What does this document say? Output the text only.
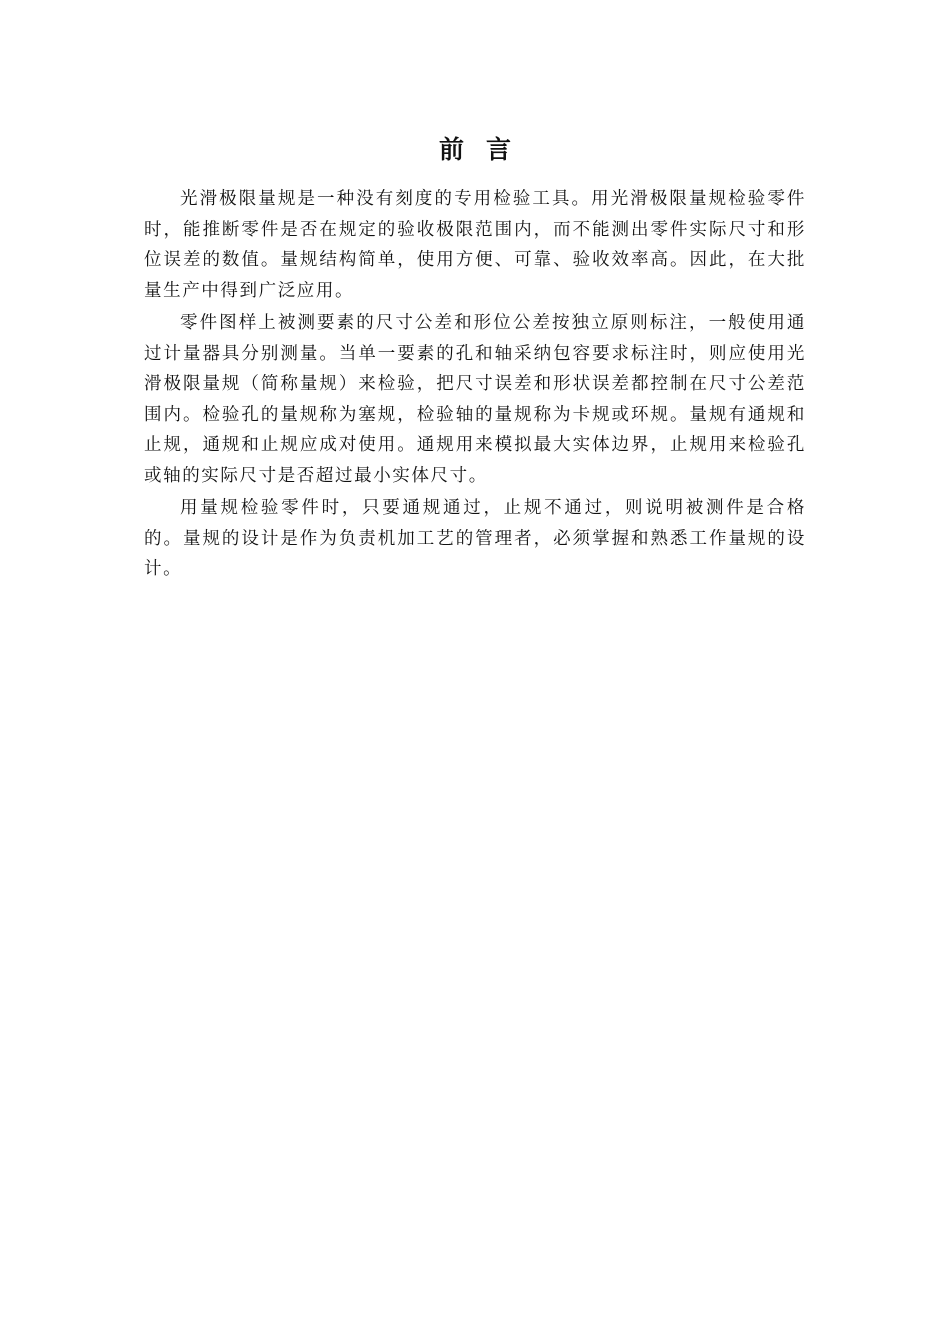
前言

光滑极限量规是一种没有刻度的专用检验工具。用光滑极限量规检验零件时，能推断零件是否在规定的验收极限范围内，而不能测出零件实际尺寸和形位误差的数值。量规结构简单，使用方便、可靠、验收效率高。因此，在大批量生产中得到广泛应用。

零件图样上被测要素的尺寸公差和形位公差按独立原则标注，一般使用通过计量器具分别测量。当单一要素的孔和轴采纳包容要求标注时，则应使用光滑极限量规（简称量规）来检验，把尺寸误差和形状误差都控制在尺寸公差范围内。检验孔的量规称为塞规，检验轴的量规称为卡规或环规。量规有通规和止规，通规和止规应成对使用。通规用来模拟最大实体边界，止规用来检验孔或轴的实际尺寸是否超过最小实体尺寸。

用量规检验零件时，只要通规通过，止规不通过，则说明被测件是合格的。量规的设计是作为负责机加工艺的管理者，必须掌握和熟悉工作量规的设计。
